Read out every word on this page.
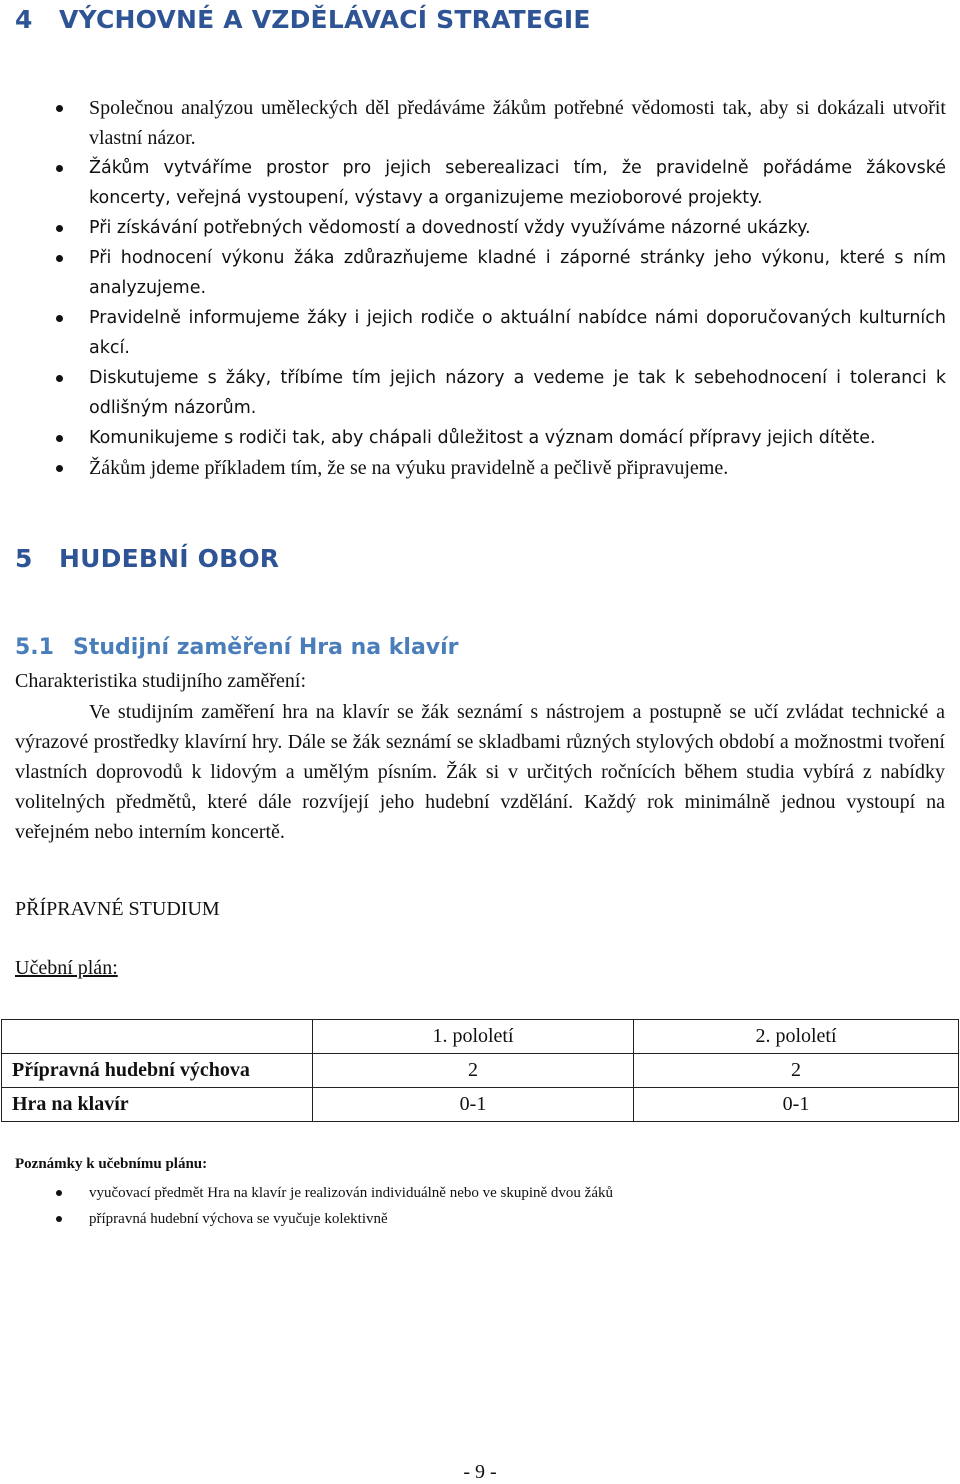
4 VÝCHOVNÉ A VZDĚLÁVACÍ STRATEGIE
Společnou analýzou uměleckých děl předáváme žákům potřebné vědomosti tak, aby si dokázali utvořit vlastní názor.
Žákům vytváříme prostor pro jejich seberealizaci tím, že pravidelně pořádáme žákovské koncerty, veřejná vystoupení, výstavy a organizujeme mezioborové projekty.
Při získávání potřebných vědomostí a dovedností vždy využíváme názorné ukázky.
Při hodnocení výkonu žáka zdůrazňujeme kladné i záporné stránky jeho výkonu, které s ním analyzujeme.
Pravidelně informujeme žáky i jejich rodiče o aktuální nabídce námi doporučovaných kulturních akcí.
Diskutujeme s žáky, tříbíme tím jejich názory a vedeme je tak k sebehodnocení i toleranci k odlišným názorům.
Komunikujeme s rodiči tak, aby chápali důležitost a význam domácí přípravy jejich dítěte.
Žákům jdeme příkladem tím, že se na výuku pravidelně a pečlivě připravujeme.
5 HUDEBNÍ OBOR
5.1 Studijní zaměření Hra na klavír
Charakteristika studijního zaměření:

Ve studijním zaměření hra na klavír se žák seznámí s nástrojem a postupně se učí zvládat technické a výrazové prostředky klavírní hry. Dále se žák seznámí se skladbami různých stylových období a možnostmi tvoření vlastních doprovodů k lidovým a umělým písním. Žák si v určitých ročnících během studia vybírá z nabídky volitelných předmětů, které dále rozvíjejí jeho hudební vzdělání. Každý rok minimálně jednou vystoupí na veřejném nebo interním koncertě.

PŘÍPRAVNÉ STUDIUM
Učební plán:
	1. pololetí	2. pololetí
Přípravná hudební výchova	2	2
Hra na klavír	0-1	0-1
Poznámky k učebnímu plánu:
vyučovací předmět Hra na klavír je realizován individuálně nebo ve skupině dvou žáků
přípravná hudební výchova se vyučuje kolektivně
- 9 -
